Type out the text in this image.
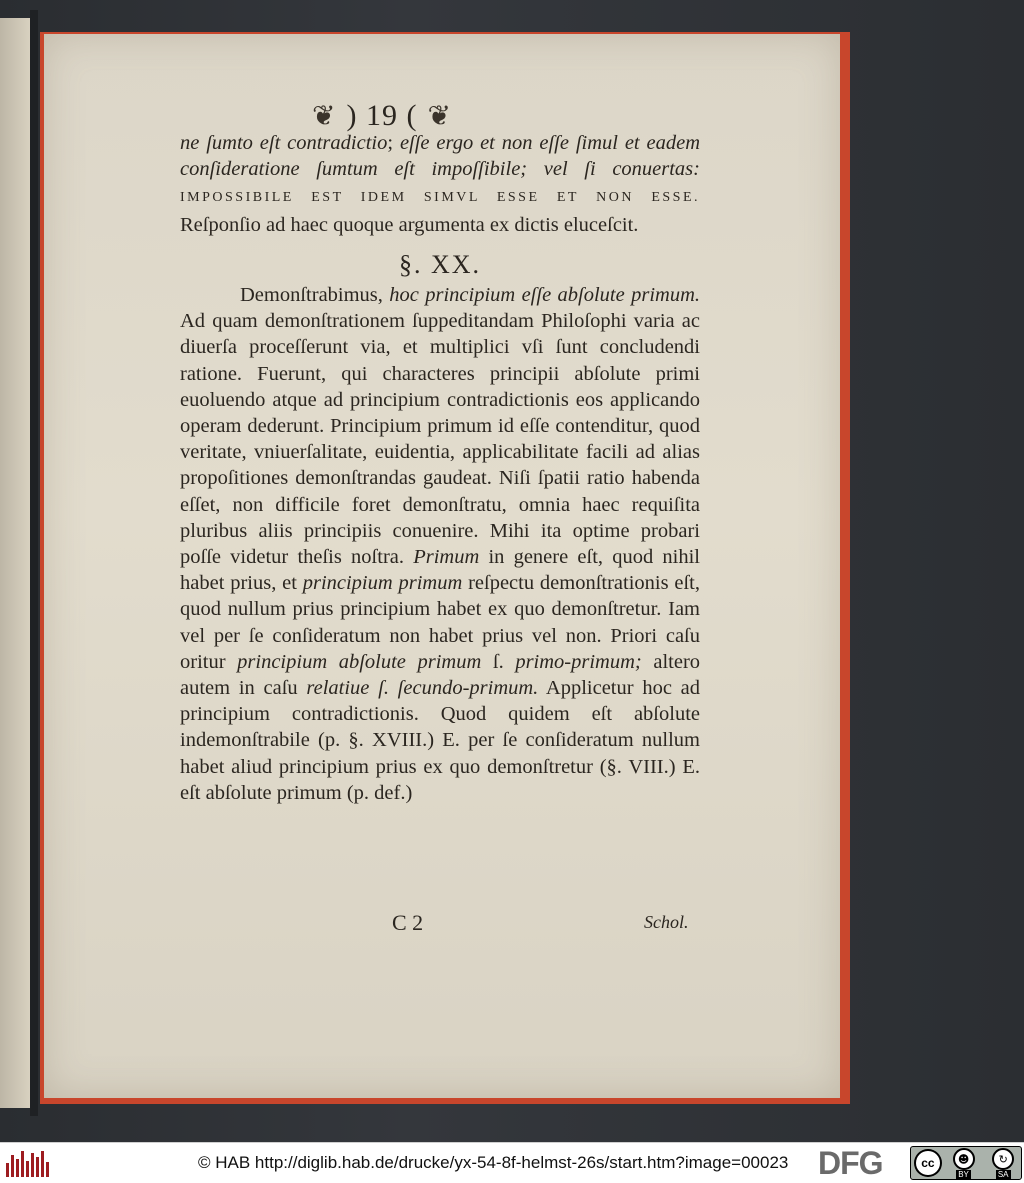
❦ ) 19 ( ❦

ne ſumto eſt contradictio; eſſe ergo et non eſſe ſimul et eadem conſideratione ſumtum eſt impoſſibile; vel ſi conuertas: IMPOSSIBILE EST IDEM SIMVL ESSE ET NON ESSE. Reſponſio ad haec quoque argumenta ex dictis eluceſcit.

§. XX.

Demonſtrabimus, hoc principium eſſe abſolute primum. Ad quam demonſtrationem ſuppeditandam Philoſophi varia ac diuerſa proceſſerunt via, et multiplici vſi ſunt concludendi ratione. Fuerunt, qui characteres principii abſolute primi euoluendo atque ad principium contradictionis eos applicando operam dederunt. Principium primum id eſſe contenditur, quod veritate, vniuerſalitate, euidentia, applicabilitate facili ad alias propoſitiones demonſtrandas gaudeat. Niſi ſpatii ratio habenda eſſet, non difficile foret demonſtratu, omnia haec requiſita pluribus aliis principiis conuenire. Mihi ita optime probari poſſe videtur theſis noſtra. Primum in genere eſt, quod nihil habet prius, et principium primum reſpectu demonſtrationis eſt, quod nullum prius principium habet ex quo demonſtretur. Iam vel per ſe conſideratum non habet prius vel non. Priori caſu oritur principium abſolute primum ſ. primo-primum; altero autem in caſu relatiue ſ. ſecundo-primum. Applicetur hoc ad principium contradictionis. Quod quidem eſt abſolute indemonſtrabile (p. §. XVIII.) E. per ſe conſideratum nullum habet aliud principium prius ex quo demonſtretur (§. VIII.) E. eſt abſolute primum (p. def.)

C 2	Schol.
© HAB http://diglib.hab.de/drucke/yx-54-8f-helmst-26s/start.htm?image=00023 DFG	cc	☻
BY
↻
SA
